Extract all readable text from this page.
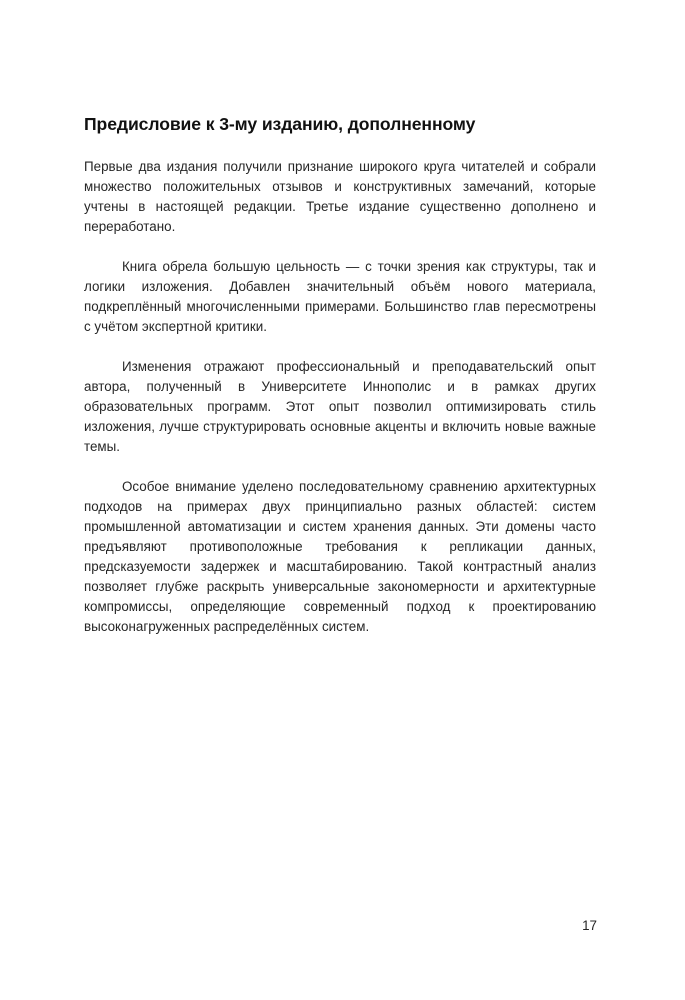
Предисловие к 3-му изданию, дополненному

Первые два издания получили признание широкого круга читателей и собрали множество положительных отзывов и конструктивных замечаний, которые учтены в настоящей редакции. Третье издание существенно дополнено и переработано.

Книга обрела большую цельность — с точки зрения как структуры, так и логики изложения. Добавлен значительный объём нового материала, подкреплённый многочисленными примерами. Большинство глав пересмотрены с учётом экспертной критики.

Изменения отражают профессиональный и преподавательский опыт автора, полученный в Университете Иннополис и в рамках других образовательных программ. Этот опыт позволил оптимизировать стиль изложения, лучше структурировать основные акценты и включить новые важные темы.

Особое внимание уделено последовательному сравнению архитектурных подходов на примерах двух принципиально разных областей: систем промышленной автоматизации и систем хранения данных. Эти домены часто предъявляют противоположные требования к репликации данных, предсказуемости задержек и масштабированию. Такой контрастный анализ позволяет глубже раскрыть универсальные закономерности и архитектурные компромиссы, определяющие современный подход к проектированию высоконагруженных распределённых систем.

17
